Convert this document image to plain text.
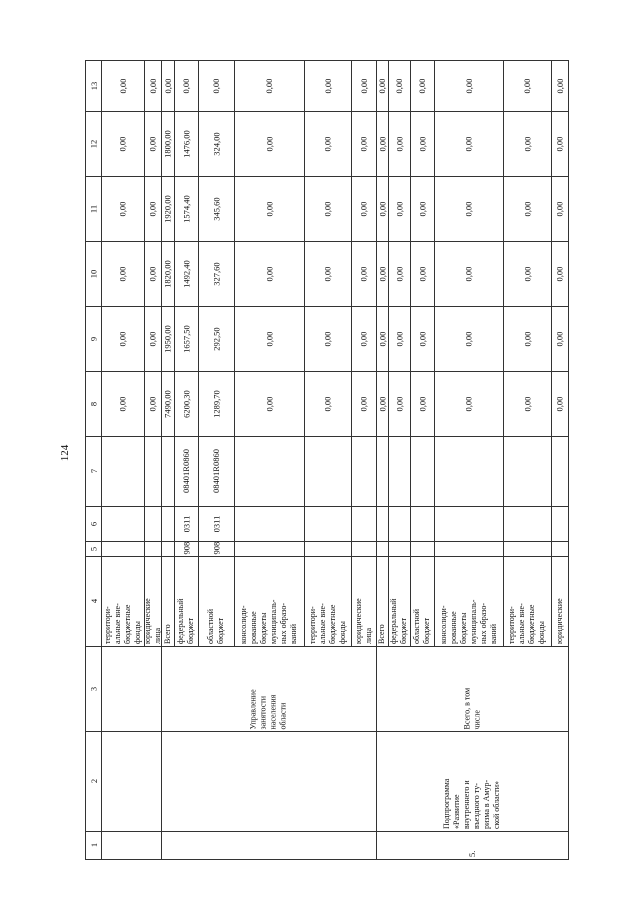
124
1
2
3
4
5
6
7
8
9
10
11
12
13
территори-
альные вне-
бюджетные
фонды
0,00
0,00
0,00
0,00
0,00
0,00
юридические
лица
0,00
0,00
0,00
0,00
0,00
0,00
Управление
занятости
населения
области
Всего
7490,00
1950,00
1820,00
1920,00
1800,00
0,00
федеральный
бюджет
908
0311
08401R0860
6200,30
1657,50
1492,40
1574,40
1476,00
0,00
областной
бюджет
908
0311
08401R0860
1289,70
292,50
327,60
345,60
324,00
0,00
консолиди-
рованные
бюджеты
муниципаль-
ных образо-
ваний
0,00
0,00
0,00
0,00
0,00
0,00
территори-
альные вне-
бюджетные
фонды
0,00
0,00
0,00
0,00
0,00
0,00
юридические
лица
0,00
0,00
0,00
0,00
0,00
0,00
5.
Подпрограмма
«Развитие
внутреннего и
въездного ту-
ризма в Амур-
ской области»
Всего, в том
числе
Всего
0,00
0,00
0,00
0,00
0,00
0,00
федеральный
бюджет
0,00
0,00
0,00
0,00
0,00
0,00
областной
бюджет
0,00
0,00
0,00
0,00
0,00
0,00
консолиди-
рованные
бюджеты
муниципаль-
ных образо-
ваний
0,00
0,00
0,00
0,00
0,00
0,00
территори-
альные вне-
бюджетные
фонды
0,00
0,00
0,00
0,00
0,00
0,00
юридические
0,00
0,00
0,00
0,00
0,00
0,00
